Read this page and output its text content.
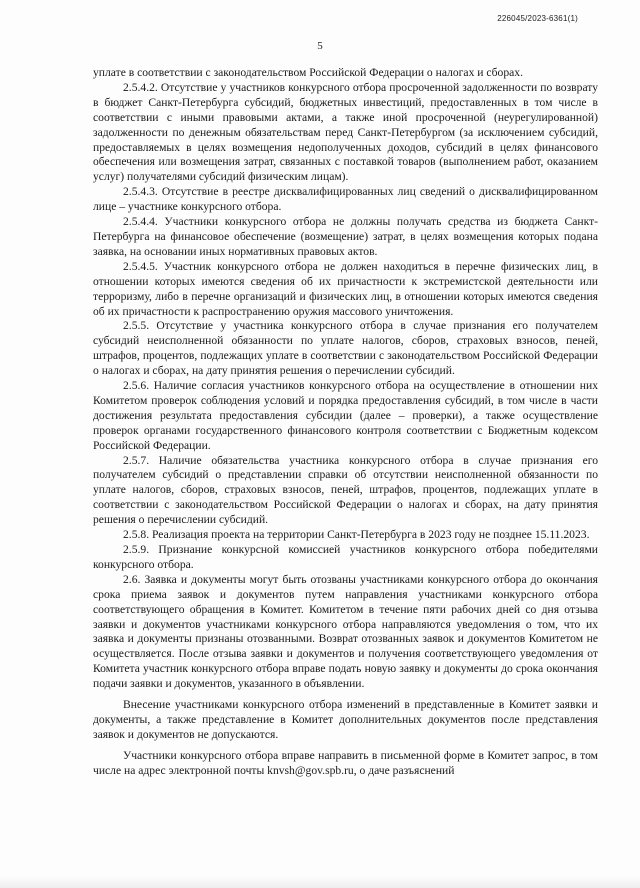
226045/2023-6361(1)
5

уплате в соответствии с законодательством Российской Федерации о налогах и сборах.

2.5.4.2. Отсутствие у участников конкурсного отбора просроченной задолженности по возврату в бюджет Санкт-Петербурга субсидий, бюджетных инвестиций, предоставленных в том числе в соответствии с иными правовыми актами, а также иной просроченной (неурегулированной) задолженности по денежным обязательствам перед Санкт-Петербургом (за исключением субсидий, предоставляемых в целях возмещения недополученных доходов, субсидий в целях финансового обеспечения или возмещения затрат, связанных с поставкой товаров (выполнением работ, оказанием услуг) получателями субсидий физическим лицам).

2.5.4.3. Отсутствие в реестре дисквалифицированных лиц сведений о дисквалифицированном лице – участнике конкурсного отбора.

2.5.4.4. Участники конкурсного отбора не должны получать средства из бюджета Санкт-Петербурга на финансовое обеспечение (возмещение) затрат, в целях возмещения которых подана заявка, на основании иных нормативных правовых актов.

2.5.4.5. Участник конкурсного отбора не должен находиться в перечне физических лиц, в отношении которых имеются сведения об их причастности к экстремистской деятельности или терроризму, либо в перечне организаций и физических лиц, в отношении которых имеются сведения об их причастности к распространению оружия массового уничтожения.

2.5.5. Отсутствие у участника конкурсного отбора в случае признания его получателем субсидий неисполненной обязанности по уплате налогов, сборов, страховых взносов, пеней, штрафов, процентов, подлежащих уплате в соответствии с законодательством Российской Федерации о налогах и сборах, на дату принятия решения о перечислении субсидий.

2.5.6. Наличие согласия участников конкурсного отбора на осуществление в отношении них Комитетом проверок соблюдения условий и порядка предоставления субсидий, в том числе в части достижения результата предоставления субсидии (далее – проверки), а также осуществление проверок органами государственного финансового контроля соответствии с Бюджетным кодексом Российской Федерации.

2.5.7. Наличие обязательства участника конкурсного отбора в случае признания его получателем субсидий о представлении справки об отсутствии неисполненной обязанности по уплате налогов, сборов, страховых взносов, пеней, штрафов, процентов, подлежащих уплате в соответствии с законодательством Российской Федерации о налогах и сборах, на дату принятия решения о перечислении субсидий.

2.5.8. Реализация проекта на территории Санкт-Петербурга в 2023 году не позднее 15.11.2023.

2.5.9. Признание конкурсной комиссией участников конкурсного отбора победителями конкурсного отбора.

2.6. Заявка и документы могут быть отозваны участниками конкурсного отбора до окончания срока приема заявок и документов путем направления участниками конкурсного отбора соответствующего обращения в Комитет. Комитетом в течение пяти рабочих дней со дня отзыва заявки и документов участниками конкурсного отбора направляются уведомления о том, что их заявка и документы признаны отозванными. Возврат отозванных заявок и документов Комитетом не осуществляется. После отзыва заявки и документов и получения соответствующего уведомления от Комитета участник конкурсного отбора вправе подать новую заявку и документы до срока окончания подачи заявки и документов, указанного в объявлении.

Внесение участниками конкурсного отбора изменений в представленные в Комитет заявки и документы, а также представление в Комитет дополнительных документов после представления заявок и документов не допускаются.

Участники конкурсного отбора вправе направить в письменной форме в Комитет запрос, в том числе на адрес электронной почты knvsh@gov.spb.ru, о даче разъяснений
